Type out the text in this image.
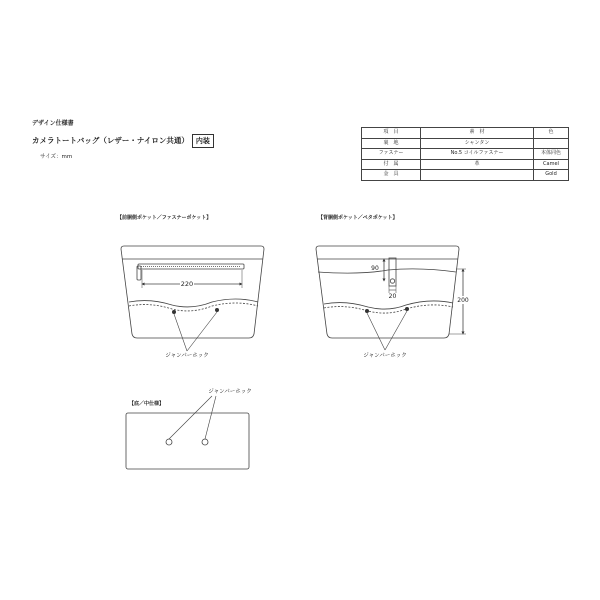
デザイン仕様書
カメラトートバッグ（レザー・ナイロン共通） 内装
サイズ：mm
項　目	素　材	色
裏　地	シャンタン	
ファスナー	No.5 コイルファスナー	本体同色
付　属	革	Camel
金　具		Gold
【前胴側ポケット／ファスナーポケット】
220
ジャンパーホック
【背胴側ポケット／ペタポケット】
90
20
200
ジャンパーホック
【底／中仕様】
ジャンパーホック
